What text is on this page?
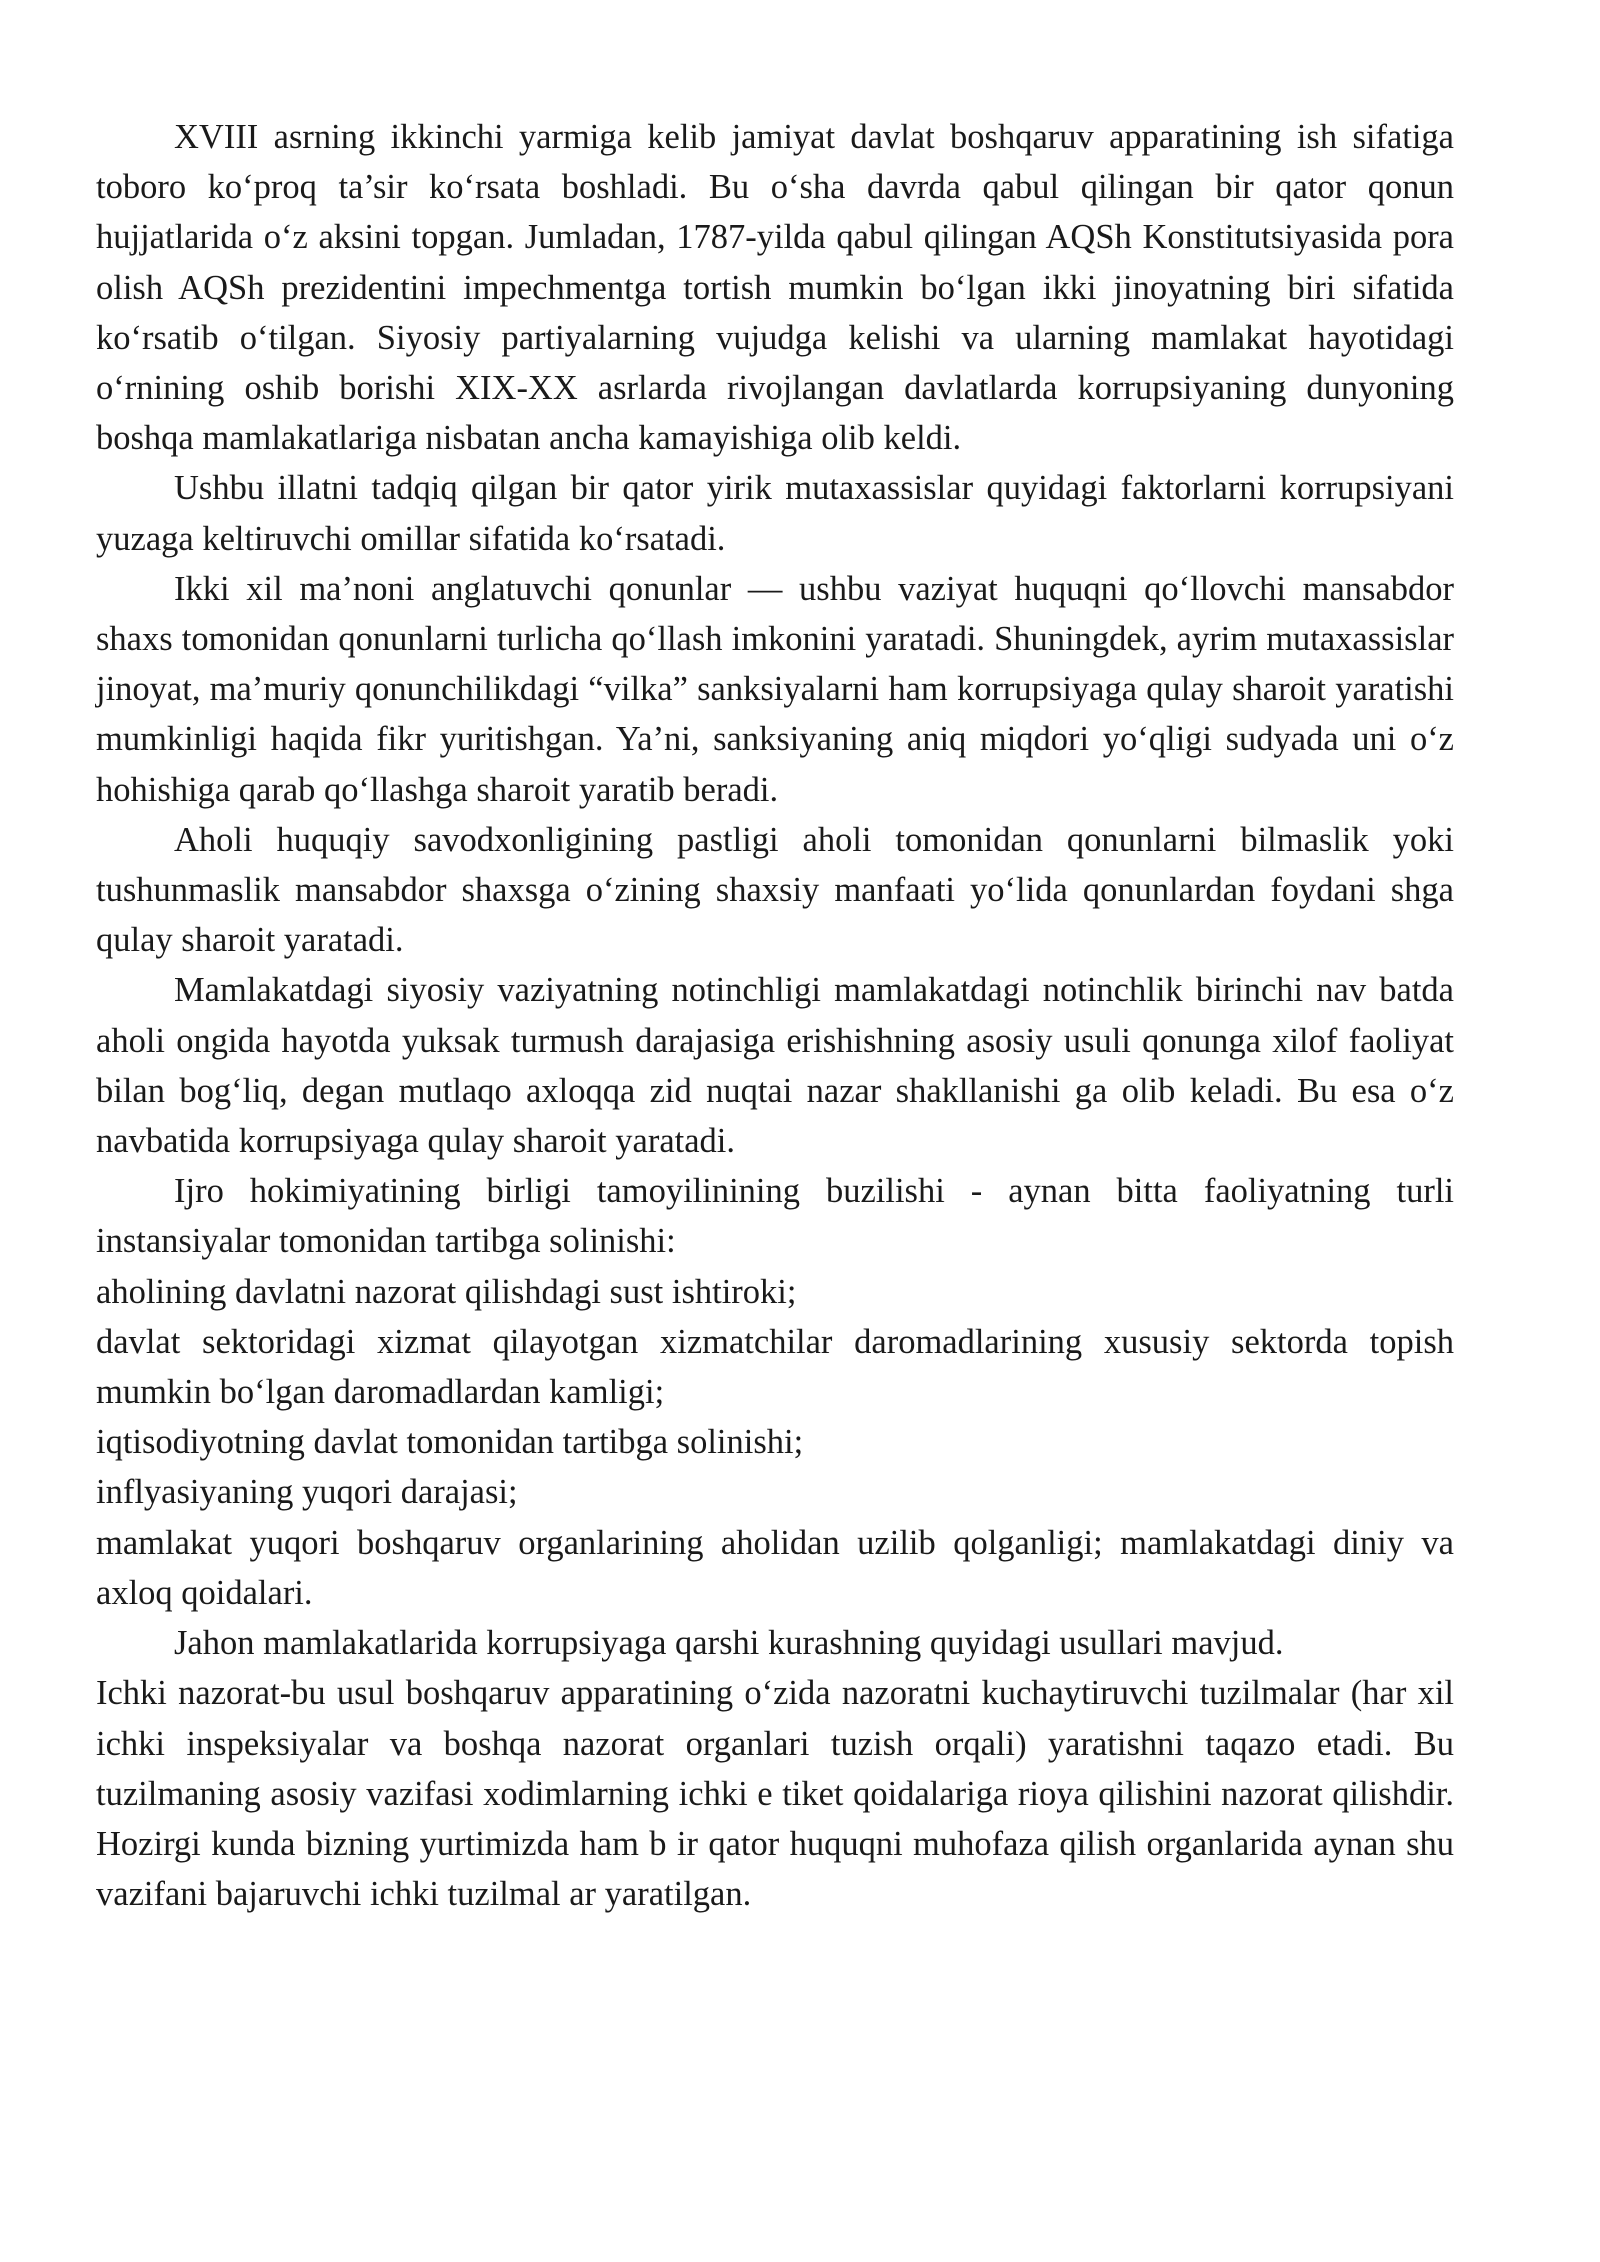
XVIII asrning ikkinchi yarmiga kelib jamiyat davlat boshqaruv apparatining ish sifatiga toboro ko‘proq ta’sir ko‘rsata boshladi. Bu o‘sha davrda qabul qilingan bir qator qonun hujjatlarida o‘z aksini topgan. Jumladan, 1787-yilda qabul qilingan AQSh Konstitutsiyasida pora olish AQSh prezidentini impechmentga tortish mumkin bo‘lgan ikki jinoyatning biri sifatida ko‘rsatib o‘tilgan. Siyosiy partiyalarning vujudga kelishi va ularning mamlakat hayotidagi o‘rnining oshib borishi XIX-XX asrlarda rivojlangan davlatlarda korrupsiyaning dunyoning boshqa mamlakatlariga nisbatan ancha kamayishiga olib keldi.

Ushbu illatni tadqiq qilgan bir qator yirik mutaxassislar quyidagi faktorlarni korrupsiyani yuzaga keltiruvchi omillar sifatida ko‘rsatadi.

Ikki xil ma’noni anglatuvchi qonunlar — ushbu vaziyat huquqni qo‘llovchi mansabdor shaxs tomonidan qonunlarni turlicha qo‘llash imkonini yaratadi. Shuningdek, ayrim mutaxassislar jinoyat, ma’muriy qonunchilikdagi “vilka” sanksiyalarni ham korrupsiyaga qulay sharoit yaratishi mumkinligi haqida fikr yuritishgan. Ya’ni, sanksiyaning aniq miqdori yo‘qligi sudyada uni o‘z hohishiga qarab qo‘llashga sharoit yaratib beradi.

Aholi huquqiy savodxonligining pastligi aholi tomonidan qonunlarni bilmaslik yoki tushunmaslik mansabdor shaxsga o‘zining shaxsiy manfaati yo‘lida qonunlardan foydani shga qulay sharoit yaratadi.

Mamlakatdagi siyosiy vaziyatning notinchligi mamlakatdagi notinchlik birinchi nav batda aholi ongida hayotda yuksak turmush darajasiga erishishning asosiy usuli qonunga xilof faoliyat bilan bog‘liq, degan mutlaqo axloqqa zid nuqtai nazar shakllanishi ga olib keladi. Bu esa o‘z navbatida korrupsiyaga qulay sharoit yaratadi.

Ijro hokimiyatining birligi tamoyilinining buzilishi - aynan bitta faoliyatning turli instansiyalar tomonidan tartibga solinishi:

aholining davlatni nazorat qilishdagi sust ishtiroki;

davlat sektoridagi xizmat qilayotgan xizmatchilar daromadlarining xususiy sektorda topish mumkin bo‘lgan daromadlardan kamligi;

iqtisodiyotning davlat tomonidan tartibga solinishi;

inflyasiyaning yuqori darajasi;

mamlakat yuqori boshqaruv organlarining aholidan uzilib qolganligi; mamlakatdagi diniy va axloq qoidalari.

Jahon mamlakatlarida korrupsiyaga qarshi kurashning quyidagi usullari mavjud.

Ichki nazorat-bu usul boshqaruv apparatining o‘zida nazoratni kuchaytiruvchi tuzilmalar (har xil ichki inspeksiyalar va boshqa nazorat organlari tuzish orqali) yaratishni taqazo etadi. Bu tuzilmaning asosiy vazifasi xodimlarning ichki e tiket qoidalariga rioya qilishini nazorat qilishdir. Hozirgi kunda bizning yurtimizda ham b ir qator huquqni muhofaza qilish organlarida aynan shu vazifani bajaruvchi ichki tuzilmal ar yaratilgan.
